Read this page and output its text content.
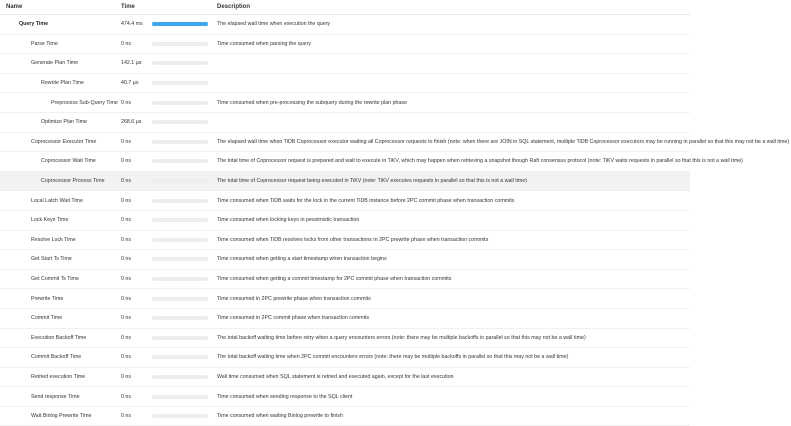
Name	Time	Description
Query Time	474.4 ms	The elapsed wall time when execution the query
Parse Time	0 ns	Time consumed when parsing the query
Generate Plan Time	142.1 µs
Rewrite Plan Time	40.7 µs
Preprocess Sub-Query Time 0 ns	Time consumed when pre-processing the subquery during the rewrite plan phase
Optimize Plan Time	268.6 µs
Coprocessor Executor Time	0 ns	The elapsed wall time when TiDB Coprocessor executor waiting all Coprocessor requests to finish (note: when there are JOIN in SQL statement, multiple TiDB Coprocessor executors may be running in parallel so that this may not be a wall time)
Coprocessor Wait Time	0 ns	The total time of Coprocessor request is prepared and wait to execute in TiKV, which may happen when retrieving a snapshot though Raft consensus protocol (note: TiKV waits requests in parallel so that this is not a wall time)
Coprocessor Process Time	0 ns	The total time of Coprocessor request being executed in TiKV (note: TiKV executes requests in parallel so that this is not a wall time)
Local Latch Wait Time	0 ns	Time consumed when TiDB waits for the lock in the current TiDB instance before 2PC commit phase when transaction commits
Lock Keys Time	0 ns	Time consumed when locking keys in pessimistic transaction
Resolve Lock Time	0 ns	Time consumed when TiDB resolves locks from other transactions in 2PC prewrite phase when transaction commits
Get Start Ts Time	0 ns	Time consumed when getting a start timestamp when transaction begins
Get Commit Ts Time	0 ns	Time consumed when getting a commit timestamp for 2PC commit phase when transaction commits
Prewrite Time	0 ns	Time consumed in 2PC prewrite phase when transaction commits
Commit Time	0 ns	Time consumed in 2PC commit phase when transaction commits
Execution Backoff Time	0 ns	The total backoff waiting time before retry when a query encounters errors (note: there may be multiple backoffs in parallel so that this may not be a wall time)
Commit Backoff Time	0 ns	The total backoff waiting time when 2PC commit encounters errors (note: there may be multiple backoffs in parallel so that this may not be a wall time)
Retried execution Time	0 ns	Wall time consumed when SQL statement is retried and executed again, except for the last execution
Send response Time	0 ns	Time consumed when sending response to the SQL client
Wait Binlog Prewrite Time	0 ns	Time consumed when waiting Binlog prewrite to finish
